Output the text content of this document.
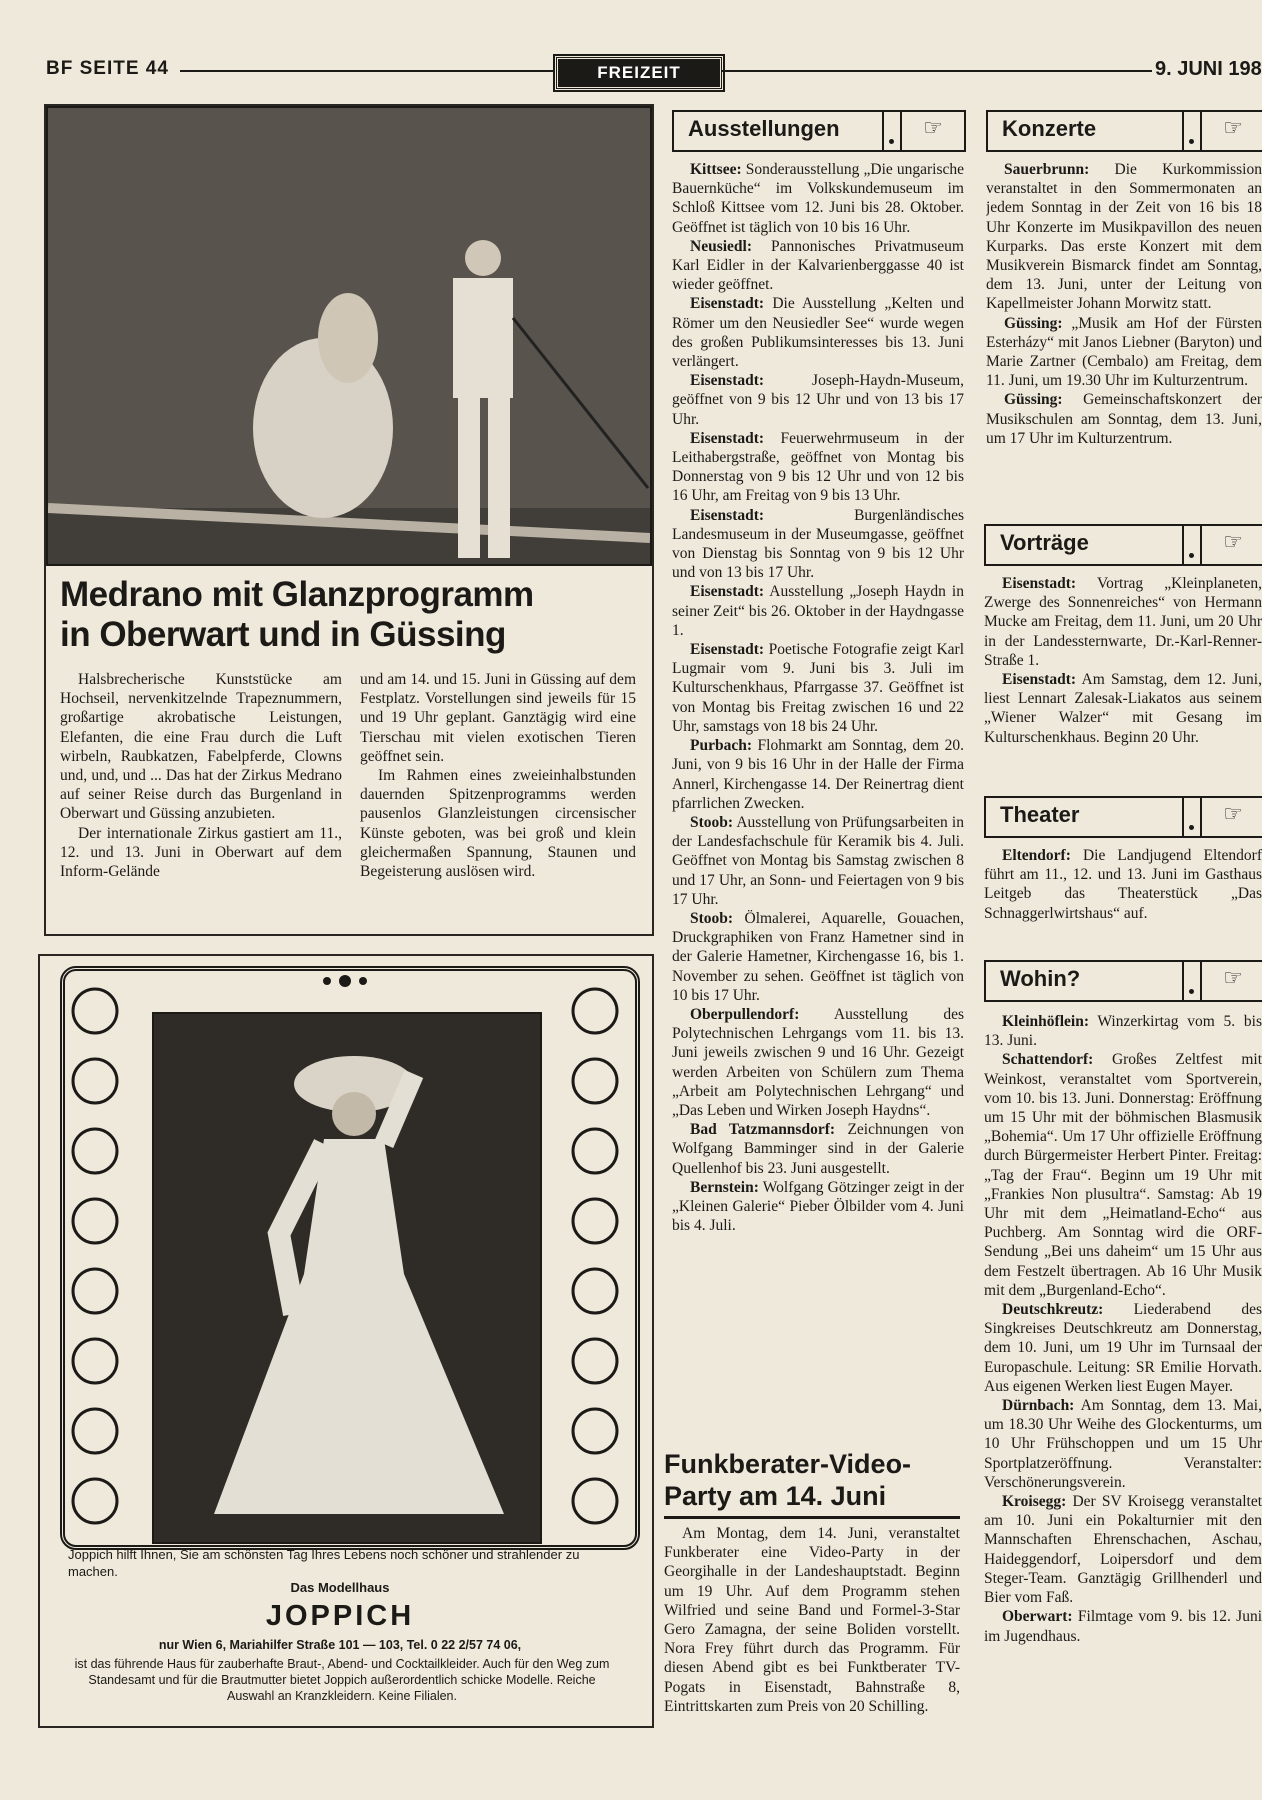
BF SEITE 44	FREIZEIT	9. JUNI 198
Medrano mit Glanzprogramm
in Oberwart und in Güssing

Halsbrecherische Kunststücke am Hochseil, nervenkitzelnde Trapeznummern, großartige akrobatische Leistungen, Elefanten, die eine Frau durch die Luft wirbeln, Raubkatzen, Fabelpferde, Clowns und, und, und ... Das hat der Zirkus Medrano auf seiner Reise durch das Burgenland in Oberwart und Güssing anzubieten.

Der internationale Zirkus gastiert am 11., 12. und 13. Juni in Oberwart auf dem Inform-Gelände

und am 14. und 15. Juni in Güssing auf dem Festplatz. Vorstellungen sind jeweils für 15 und 19 Uhr geplant. Ganztägig wird eine Tierschau mit vielen exotischen Tieren geöffnet sein.

Im Rahmen eines zweieinhalbstunden dauernden Spitzenprogramms werden pausenlos Glanzleistungen circensischer Künste geboten, was bei groß und klein gleichermaßen Spannung, Staunen und Begeisterung auslösen wird.

Joppich hilft Ihnen, Sie am schönsten Tag Ihres Lebens noch schöner und strahlender zu machen.
Das Modellhaus
JOPPICH
nur Wien 6, Mariahilfer Straße 101 — 103, Tel. 0 22 2/57 74 06,
ist das führende Haus für zauberhafte Braut-, Abend- und Cocktailkleider. Auch für den Weg zum Standesamt und für die Brautmutter bietet Joppich außerordentlich schicke Modelle. Reiche Auswahl an Kranzkleidern. Keine Filialen.
Ausstellungen	☞
Kittsee: Sonderausstellung „Die ungarische Bauernküche“ im Volkskundemuseum im Schloß Kittsee vom 12. Juni bis 28. Oktober. Geöffnet ist täglich von 10 bis 16 Uhr.
Neusiedl: Pannonisches Privatmuseum Karl Eidler in der Kalvarienberggasse 40 ist wieder geöffnet.
Eisenstadt: Die Ausstellung „Kelten und Römer um den Neusiedler See“ wurde wegen des großen Publikumsinteresses bis 13. Juni verlängert.
Eisenstadt:	Joseph-Haydn-Museum, geöffnet von 9 bis 12 Uhr und von 13 bis 17 Uhr.
Eisenstadt: Feuerwehrmuseum in der Leithabergstraße, geöffnet von Montag bis Donnerstag von 9 bis 12 Uhr und von 12 bis 16 Uhr, am Freitag von 9 bis 13 Uhr.
Eisenstadt:	Burgenländisches Landesmuseum in der Museumgasse, geöffnet von Dienstag bis Sonntag von 9 bis 12 Uhr und von 13 bis 17 Uhr.
Eisenstadt: Ausstellung „Joseph Haydn in seiner Zeit“ bis 26. Oktober in der Haydngasse 1.
Eisenstadt: Poetische Fotografie zeigt Karl Lugmair vom 9. Juni bis 3. Juli im Kulturschenkhaus, Pfarrgasse 37. Geöffnet ist von Montag bis Freitag zwischen 16 und 22 Uhr, samstags von 18 bis 24 Uhr.
Purbach: Flohmarkt am Sonntag, dem 20. Juni, von 9 bis 16 Uhr in der Halle der Firma Annerl, Kirchengasse 14. Der Reinertrag dient pfarrlichen Zwecken.
Stoob: Ausstellung von Prüfungsarbeiten in der Landesfachschule für Keramik bis 4. Juli. Geöffnet von Montag bis Samstag zwischen 8 und 17 Uhr, an Sonn- und Feiertagen von 9 bis 17 Uhr.
Stoob: Ölmalerei, Aquarelle, Gouachen, Druckgraphiken von Franz Hametner sind in der Galerie Hametner, Kirchengasse 16, bis 1. November zu sehen. Geöffnet ist täglich von 10 bis 17 Uhr.
Oberpullendorf: Ausstellung des Polytechnischen Lehrgangs vom 11. bis 13. Juni jeweils zwischen 9 und 16 Uhr. Gezeigt werden Arbeiten von Schülern zum Thema „Arbeit am Polytechnischen Lehrgang“ und „Das Leben und Wirken Joseph Haydns“.
Bad Tatzmannsdorf: Zeichnungen von Wolfgang Bamminger sind in der Galerie Quellenhof bis 23. Juni ausgestellt.
Bernstein: Wolfgang Götzinger zeigt in der „Kleinen Galerie“ Pieber Ölbilder vom 4. Juni bis 4. Juli.
Funkberater-Video-
Party am 14. Juni
Am Montag, dem 14. Juni, veranstaltet Funkberater eine Video-Party in der Georgihalle in der Landeshauptstadt. Beginn um 19 Uhr. Auf dem Programm stehen Wilfried und seine Band und Formel-3-Star Gero Zamagna, der seine Boliden vorstellt. Nora Frey führt durch das Programm. Für diesen Abend gibt es bei Funktberater TV-Pogats in Eisenstadt, Bahnstraße 8, Eintrittskarten zum Preis von 20 Schilling.
Konzerte	☞
Sauerbrunn: Die Kurkommission veranstaltet in den Sommermonaten an jedem Sonntag in der Zeit von 16 bis 18 Uhr Konzerte im Musikpavillon des neuen Kurparks. Das erste Konzert mit dem Musikverein Bismarck findet am Sonntag, dem 13. Juni, unter der Leitung von Kapellmeister Johann Morwitz statt.
Güssing: „Musik am Hof der Fürsten Esterházy“ mit Janos Liebner (Baryton) und Marie Zartner (Cembalo) am Freitag, dem 11. Juni, um 19.30 Uhr im Kulturzentrum.
Güssing: Gemeinschaftskonzert der Musikschulen am Sonntag, dem 13. Juni, um 17 Uhr im Kulturzentrum.
Vorträge	☞
Eisenstadt: Vortrag „Kleinplaneten, Zwerge des Sonnenreiches“ von Hermann Mucke am Freitag, dem 11. Juni, um 20 Uhr in der Landessternwarte, Dr.-Karl-Renner-Straße 1.
Eisenstadt: Am Samstag, dem 12. Juni, liest Lennart Zalesak-Liakatos aus seinem „Wiener Walzer“ mit Gesang im Kulturschenkhaus. Beginn 20 Uhr.
Theater	☞
Eltendorf: Die Landjugend Eltendorf führt am 11., 12. und 13. Juni im Gasthaus Leitgeb das Theaterstück „Das Schnaggerlwirtshaus“ auf.
Wohin?	☞
Kleinhöflein: Winzerkirtag vom 5. bis 13. Juni.
Schattendorf: Großes Zeltfest mit Weinkost, veranstaltet vom Sportverein, vom 10. bis 13. Juni. Donnerstag: Eröffnung um 15 Uhr mit der böhmischen Blasmusik „Bohemia“. Um 17 Uhr offizielle Eröffnung durch Bürgermeister Herbert Pinter. Freitag: „Tag der Frau“. Beginn um 19 Uhr mit „Frankies Non plusultra“. Samstag: Ab 19 Uhr mit dem „Heimatland-Echo“ aus Puchberg. Am Sonntag wird die ORF-Sendung „Bei uns daheim“ um 15 Uhr aus dem Festzelt übertragen. Ab 16 Uhr Musik mit dem „Burgenland-Echo“.
Deutschkreutz: Liederabend des Singkreises Deutschkreutz am Donnerstag, dem 10. Juni, um 19 Uhr im Turnsaal der Europaschule. Leitung: SR Emilie Horvath. Aus eigenen Werken liest Eugen Mayer.
Dürnbach: Am Sonntag, dem 13. Mai, um 18.30 Uhr Weihe des Glockenturms, um 10 Uhr Frühschoppen und um 15 Uhr Sportplatzeröffnung. Veranstalter: Verschönerungsverein.
Kroisegg: Der SV Kroisegg veranstaltet am 10. Juni ein Pokalturnier mit den Mannschaften Ehrenschachen, Aschau, Haideggendorf, Loipersdorf und dem Steger-Team. Ganztägig Grillhenderl und Bier vom Faß.
Oberwart: Filmtage vom 9. bis 12. Juni im Jugendhaus.
